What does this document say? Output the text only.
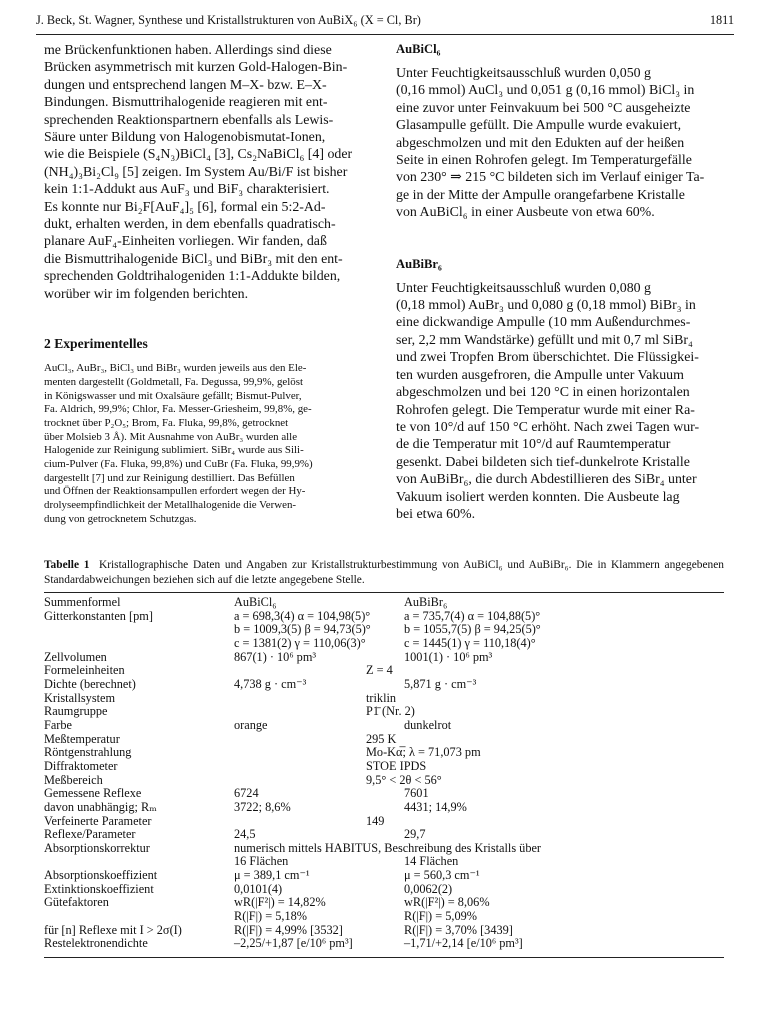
J. Beck, St. Wagner, Synthese und Kristallstrukturen von AuBiX₆ (X = Cl, Br)	1811
me Brückenfunktionen haben. Allerdings sind diese
Brücken asymmetrisch mit kurzen Gold-Halogen-Bin-
dungen und entsprechend langen M–X- bzw. E–X-
Bindungen. Bismuttrihalogenide reagieren mit ent-
sprechenden Reaktionspartnern ebenfalls als Lewis-
Säure unter Bildung von Halogenobismutat-Ionen,
wie die Beispiele (S₄N₃)BiCl₄ [3], Cs₂NaBiCl₆ [4] oder
(NH₄)₃Bi₂Cl₉ [5] zeigen. Im System Au/Bi/F ist bisher
kein 1:1-Addukt aus AuF₃ und BiF₃ charakterisiert.
Es konnte nur Bi₂F[AuF₄]₅ [6], formal ein 5:2-Ad-
dukt, erhalten werden, in dem ebenfalls quadratisch-
planare AuF₄-Einheiten vorliegen. Wir fanden, daß
die Bismuttrihalogenide BiCl₃ und BiBr₃ mit den ent-
sprechenden Goldtrihalogeniden 1:1-Addukte bilden,
worüber wir im folgenden berichten.

2 Experimentelles

AuCl₃, AuBr₃, BiCl₃ und BiBr₃ wurden jeweils aus den Ele-
menten dargestellt (Goldmetall, Fa. Degussa, 99,9%, gelöst
in Königswasser und mit Oxalsäure gefällt; Bismut-Pulver,
Fa. Aldrich, 99,9%; Chlor, Fa. Messer-Griesheim, 99,8%, ge-
trocknet über P₂O₅; Brom, Fa. Fluka, 99,8%, getrocknet
über Molsieb 3 Å). Mit Ausnahme von AuBr₃ wurden alle
Halogenide zur Reinigung sublimiert. SiBr₄ wurde aus Sili-
cium-Pulver (Fa. Fluka, 99,8%) und CuBr (Fa. Fluka, 99,9%)
dargestellt [7] und zur Reinigung destilliert. Das Befüllen
und Öffnen der Reaktionsampullen erfordert wegen der Hy-
drolyseempfindlichkeit der Metallhalogenide die Verwen-
dung von getrocknetem Schutzgas.

AuBiCl₆

Unter Feuchtigkeitsausschluß wurden 0,050 g
(0,16 mmol) AuCl₃ und 0,051 g (0,16 mmol) BiCl₃ in
eine zuvor unter Feinvakuum bei 500 °C ausgeheizte
Glasampulle gefüllt. Die Ampulle wurde evakuiert,
abgeschmolzen und mit den Edukten auf der heißen
Seite in einen Rohrofen gelegt. Im Temperaturgefälle
von 230° ⇒ 215 °C bildeten sich im Verlauf einiger Ta-
ge in der Mitte der Ampulle orangefarbene Kristalle
von AuBiCl₆ in einer Ausbeute von etwa 60%.

AuBiBr₆

Unter Feuchtigkeitsausschluß wurden 0,080 g
(0,18 mmol) AuBr₃ und 0,080 g (0,18 mmol) BiBr₃ in
eine dickwandige Ampulle (10 mm Außendurchmes-
ser, 2,2 mm Wandstärke) gefüllt und mit 0,7 ml SiBr₄
und zwei Tropfen Brom überschichtet. Die Flüssigkei-
ten wurden ausgefroren, die Ampulle unter Vakuum
abgeschmolzen und bei 120 °C in einen horizontalen
Rohrofen gelegt. Die Temperatur wurde mit einer Ra-
te von 10°/d auf 150 °C erhöht. Nach zwei Tagen wur-
de die Temperatur mit 10°/d auf Raumtemperatur
gesenkt. Dabei bildeten sich tief-dunkelrote Kristalle
von AuBiBr₆, die durch Abdestillieren des SiBr₄ unter
Vakuum isoliert werden konnten. Die Ausbeute lag
bei etwa 60%.
Tabelle 1 Kristallographische Daten und Angaben zur Kristallstrukturbestimmung von AuBiCl₆ und AuBiBr₆. Die in Klammern angegebenen Standardabweichungen beziehen sich auf die letzte angegebene Stelle.
Summenformel	AuBiCl₆	AuBiBr₆
Gitterkonstanten [pm]	a = 698,3(4) α = 104,98(5)°	a = 735,7(4) α = 104,88(5)°
	b = 1009,3(5) β = 94,73(5)°	b = 1055,7(5) β = 94,25(5)°
	c = 1381(2) γ = 110,06(3)°	c = 1445(1) γ = 110,18(4)°
Zellvolumen	867(1) · 10⁶ pm³	1001(1) · 10⁶ pm³
Formeleinheiten	Z = 4	
Dichte (berechnet)	4,738 g · cm⁻³	5,871 g · cm⁻³
Kristallsystem	triklin	
Raumgruppe	P1̄ (Nr. 2)	
Farbe	orange	dunkelrot
Meßtemperatur	295 K	
Röntgenstrahlung	Mo-Kα̅; λ = 71,073 pm	
Diffraktometer	STOE IPDS	
Meßbereich	9,5° < 2θ < 56°	
Gemessene Reflexe	6724	7601
davon unabhängig; Rₘ	3722; 8,6%	4431; 14,9%
Verfeinerte Parameter	149	
Reflexe/Parameter	24,5	29,7
Absorptionskorrektur	numerisch mittels HABITUS, Beschreibung des Kristalls über	
	16 Flächen	14 Flächen
Absorptionskoeffizient	μ = 389,1 cm⁻¹	μ = 560,3 cm⁻¹
Extinktionskoeffizient	0,0101(4)	0,0062(2)
Gütefaktoren	wR(|F²|) = 14,82%	wR(|F²|) = 8,06%
	R(|F|) = 5,18%	R(|F|) = 5,09%
für [n] Reflexe mit I > 2σ(I)	R(|F|) = 4,99% [3532]	R(|F|) = 3,70% [3439]
Restelektronendichte	–2,25/+1,87 [e/10⁶ pm³]	–1,71/+2,14 [e/10⁶ pm³]
